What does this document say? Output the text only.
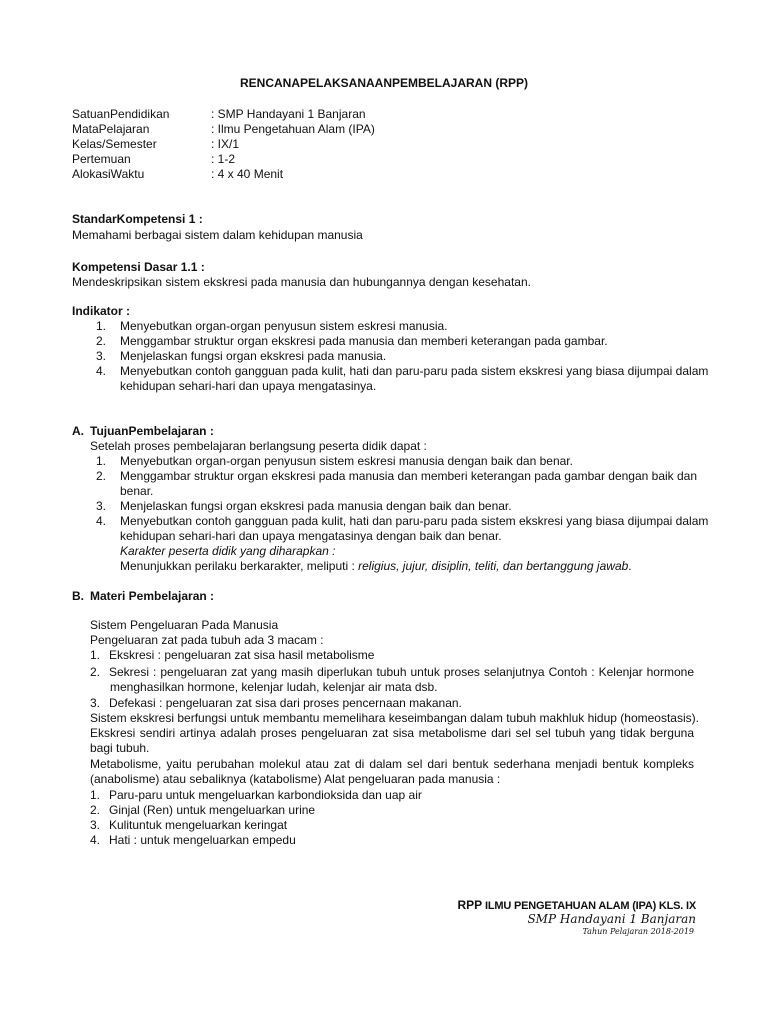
RENCANAPELAKSANAANPEMBELAJARAN (RPP)
SatuanPendidikan	: SMP Handayani 1 Banjaran
MataPelajaran	: Ilmu Pengetahuan Alam (IPA)
Kelas/Semester	: IX/1
Pertemuan	: 1-2
AlokasiWaktu	: 4 x 40 Menit
StandarKompetensi 1 :
Memahami berbagai sistem dalam kehidupan manusia
Kompetensi Dasar 1.1 :
Mendeskripsikan sistem ekskresi pada manusia dan hubungannya dengan kesehatan.
Indikator :
1. Menyebutkan organ-organ penyusun sistem eskresi manusia.
2. Menggambar struktur organ ekskresi pada manusia dan memberi keterangan pada gambar.
3. Menjelaskan fungsi organ ekskresi pada manusia.
4. Menyebutkan contoh gangguan pada kulit, hati dan paru-paru pada sistem ekskresi yang biasa dijumpai dalam
kehidupan sehari-hari dan upaya mengatasinya.
A. TujuanPembelajaran :
Setelah proses pembelajaran berlangsung peserta didik dapat :
1. Menyebutkan organ-organ penyusun sistem eskresi manusia dengan baik dan benar.
2. Menggambar struktur organ ekskresi pada manusia dan memberi keterangan pada gambar dengan baik dan
benar.
3. Menjelaskan fungsi organ ekskresi pada manusia dengan baik dan benar.
4. Menyebutkan contoh gangguan pada kulit, hati dan paru-paru pada sistem ekskresi yang biasa dijumpai dalam
kehidupan sehari-hari dan upaya mengatasinya dengan baik dan benar.
Karakter peserta didik yang diharapkan :
Menunjukkan perilaku berkarakter, meliputi : religius, jujur, disiplin, teliti, dan bertanggung jawab.
B. Materi Pembelajaran :
Sistem Pengeluaran Pada Manusia
Pengeluaran zat pada tubuh ada 3 macam :
1. Ekskresi : pengeluaran zat sisa hasil metabolisme
2. Sekresi : pengeluaran zat yang masih diperlukan tubuh untuk proses selanjutnya Contoh : Kelenjar hormone
menghasilkan hormone, kelenjar ludah, kelenjar air mata dsb.
3. Defekasi : pengeluaran zat sisa dari proses pencernaan makanan.
Sistem ekskresi berfungsi untuk membantu memelihara keseimbangan dalam tubuh makhluk hidup (homeostasis).
Ekskresi sendiri artinya adalah proses pengeluaran zat sisa metabolisme dari sel sel tubuh yang tidak berguna bagi tubuh.
Metabolisme, yaitu perubahan molekul atau zat di dalam sel dari bentuk sederhana menjadi bentuk kompleks (anabolisme) atau sebaliknya (katabolisme) Alat pengeluaran pada manusia :
1. Paru-paru untuk mengeluarkan karbondioksida dan uap air
2. Ginjal (Ren) untuk mengeluarkan urine
3. Kulituntuk mengeluarkan keringat
4. Hati : untuk mengeluarkan empedu
RPP ILMU PENGETAHUAN ALAM (IPA) KLS. IX
SMP Handayani 1 Banjaran
Tahun Pelajaran 2018-2019
